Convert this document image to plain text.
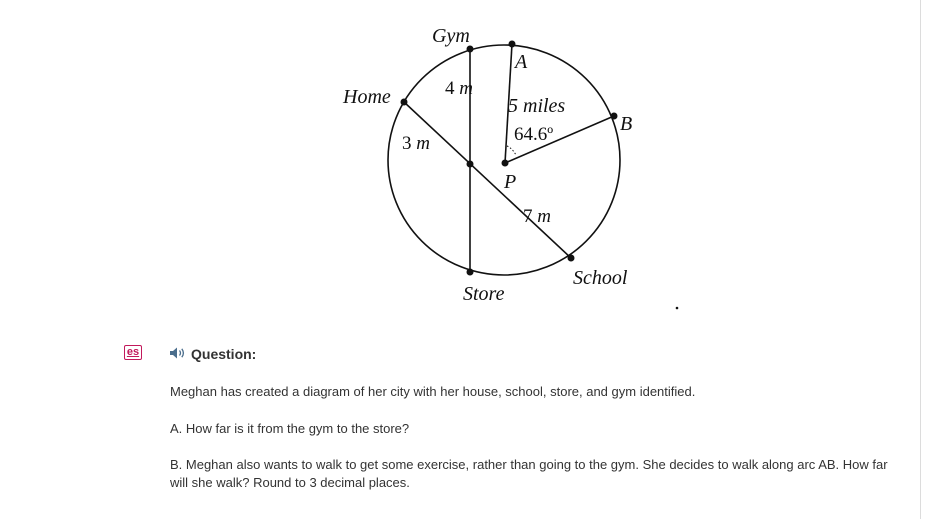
Gym
A
Home
B
P
Store
School
4 m
3 m
7 m
5 miles
64.6º
es	Question:
Meghan has created a diagram of her city with her house, school, store, and gym identified.
A. How far is it from the gym to the store?
B. Meghan also wants to walk to get some exercise, rather than going to the gym. She decides to walk along arc AB. How far will she walk? Round to 3 decimal places.
